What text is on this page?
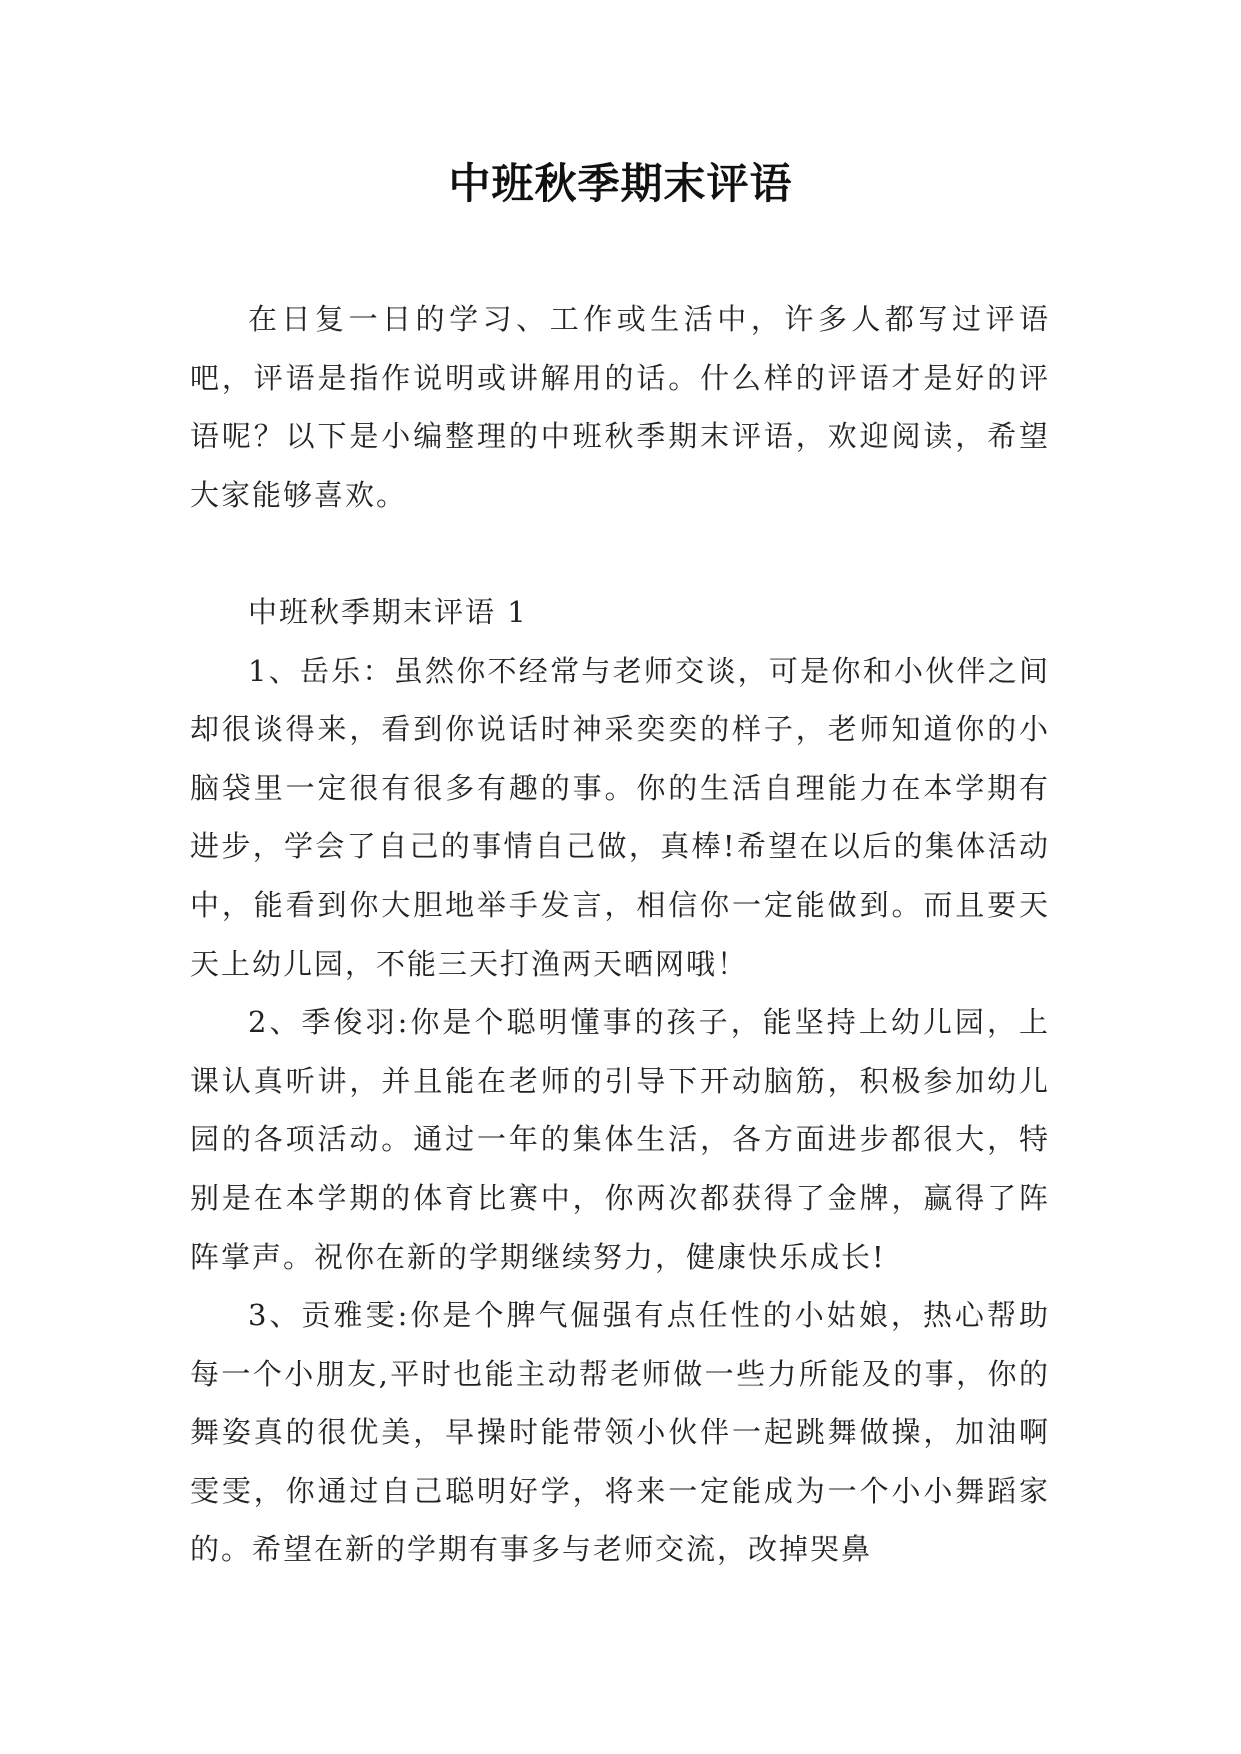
中班秋季期末评语

在日复一日的学习、工作或生活中，许多人都写过评语吧，评语是指作说明或讲解用的话。什么样的评语才是好的评语呢？以下是小编整理的中班秋季期末评语，欢迎阅读，希望大家能够喜欢。

中班秋季期末评语 1

1、岳乐：虽然你不经常与老师交谈，可是你和小伙伴之间却很谈得来，看到你说话时神采奕奕的样子，老师知道你的小脑袋里一定很有很多有趣的事。你的生活自理能力在本学期有进步，学会了自己的事情自己做，真棒!希望在以后的集体活动中，能看到你大胆地举手发言，相信你一定能做到。而且要天天上幼儿园，不能三天打渔两天晒网哦！

2、季俊羽:你是个聪明懂事的孩子，能坚持上幼儿园，上课认真听讲，并且能在老师的引导下开动脑筋，积极参加幼儿园的各项活动。通过一年的集体生活，各方面进步都很大，特别是在本学期的体育比赛中，你两次都获得了金牌，赢得了阵阵掌声。祝你在新的学期继续努力，健康快乐成长!

3、贡雅雯:你是个脾气倔强有点任性的小姑娘，热心帮助每一个小朋友,平时也能主动帮老师做一些力所能及的事，你的舞姿真的很优美，早操时能带领小伙伴一起跳舞做操，加油啊雯雯，你通过自己聪明好学，将来一定能成为一个小小舞蹈家的。希望在新的学期有事多与老师交流，改掉哭鼻
